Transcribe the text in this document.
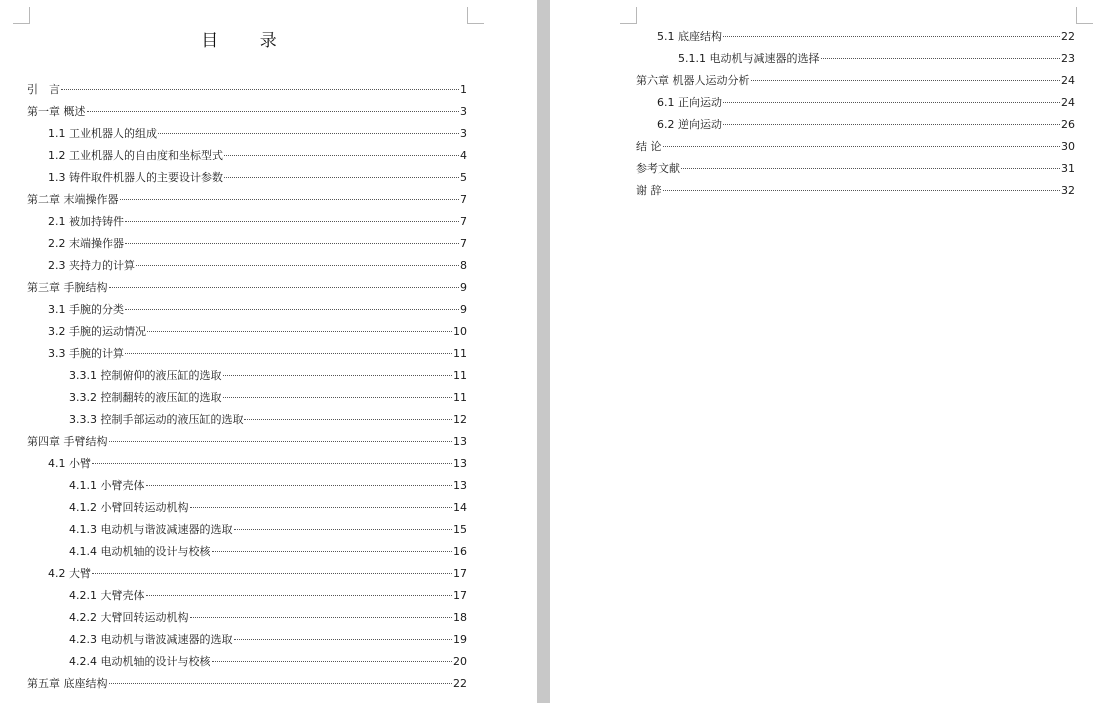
目 录
引　言	1
第一章 概述	3
1.1 工业机器人的组成	3
1.2 工业机器人的自由度和坐标型式	4
1.3 铸件取件机器人的主要设计参数	5
第二章 末端操作器	7
2.1 被加持铸件	7
2.2 末端操作器	7
2.3 夹持力的计算	8
第三章 手腕结构	9
3.1 手腕的分类	9
3.2 手腕的运动情况	10
3.3 手腕的计算	11
3.3.1 控制俯仰的液压缸的选取	11
3.3.2 控制翻转的液压缸的选取	11
3.3.3 控制手部运动的液压缸的选取	12
第四章 手臂结构	13
4.1 小臂	13
4.1.1 小臂壳体	13
4.1.2 小臂回转运动机构	14
4.1.3 电动机与谐波减速器的选取	15
4.1.4 电动机轴的设计与校核	16
4.2 大臂	17
4.2.1 大臂壳体	17
4.2.2 大臂回转运动机构	18
4.2.3 电动机与谐波减速器的选取	19
4.2.4 电动机轴的设计与校核	20
第五章 底座结构	22
5.1 底座结构	22
5.1.1 电动机与减速器的选择	23
第六章 机器人运动分析	24
6.1 正向运动	24
6.2 逆向运动	26
结 论	30
参考文献	31
谢 辞	32
